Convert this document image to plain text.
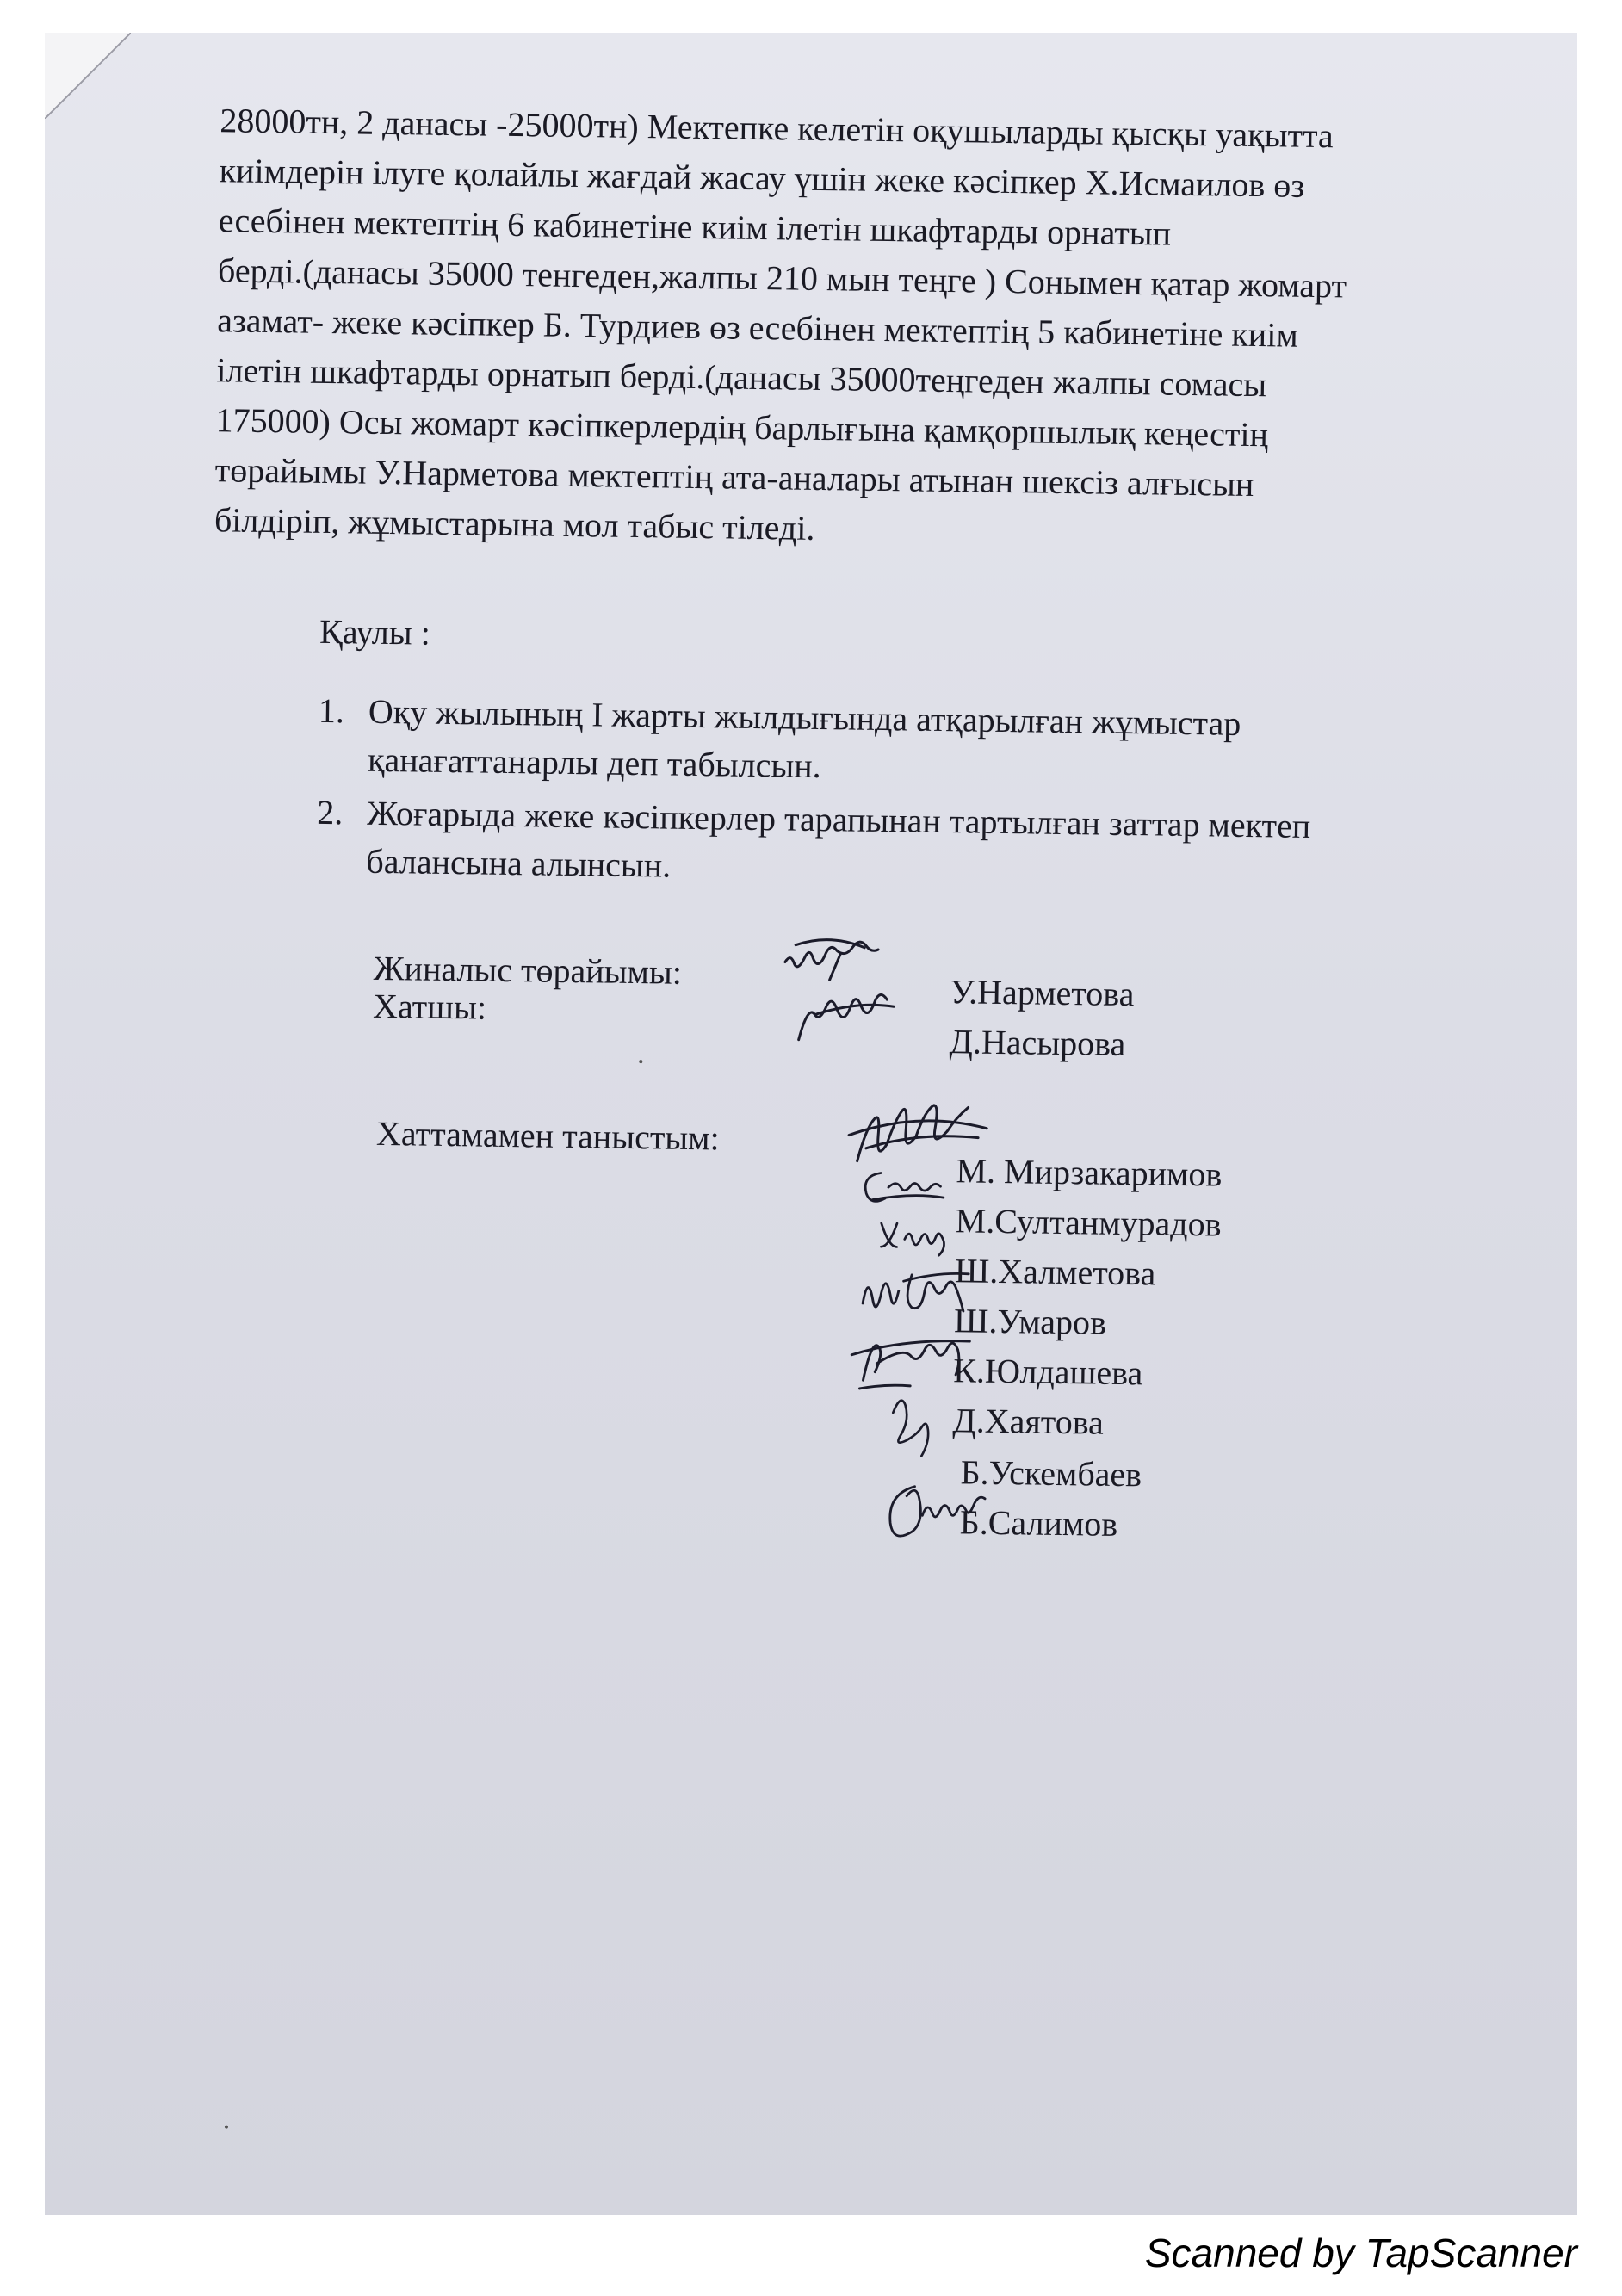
28000тн, 2 данасы -25000тн) Мектепке келетін оқушыларды қысқы уақытта
киімдерін ілуге қолайлы жағдай жасау үшін жеке кәсіпкер Х.Исмаилов өз
есебінен мектептің 6 кабинетіне киім ілетін шкафтарды орнатып
берді.(данасы 35000 тенгеден,жалпы 210 мын теңге ) Сонымен қатар жомарт
азамат- жеке кәсіпкер Б. Турдиев өз есебінен мектептің 5 кабинетіне киім
ілетін шкафтарды орнатып берді.(данасы 35000теңгеден жалпы сомасы
175000) Осы жомарт кәсіпкерлердің барлығына қамқоршылық кеңестің
төрайымы У.Нарметова мектептің ата-аналары атынан шексіз алғысын
білдіріп, жұмыстарына мол табыс тіледі.
Қаулы :
1. Оқу жылының І жарты жылдығында атқарылған жұмыстар
қанағаттанарлы деп табылсын.
2. Жоғарыда жеке кәсіпкерлер тарапынан тартылған заттар мектеп
балансына алынсын.
Жиналыс төрайымы:
Хатшы:	У.Нарметова
Д.Насырова
Хаттамамен таныстым:
М. Мирзакаримов
М.Султанмурадов
Ш.Халметова
Ш.Умаров
К.Юлдашева
Д.Хаятова
Б.Ускембаев
Б.Салимов
Scanned by TapScanner
